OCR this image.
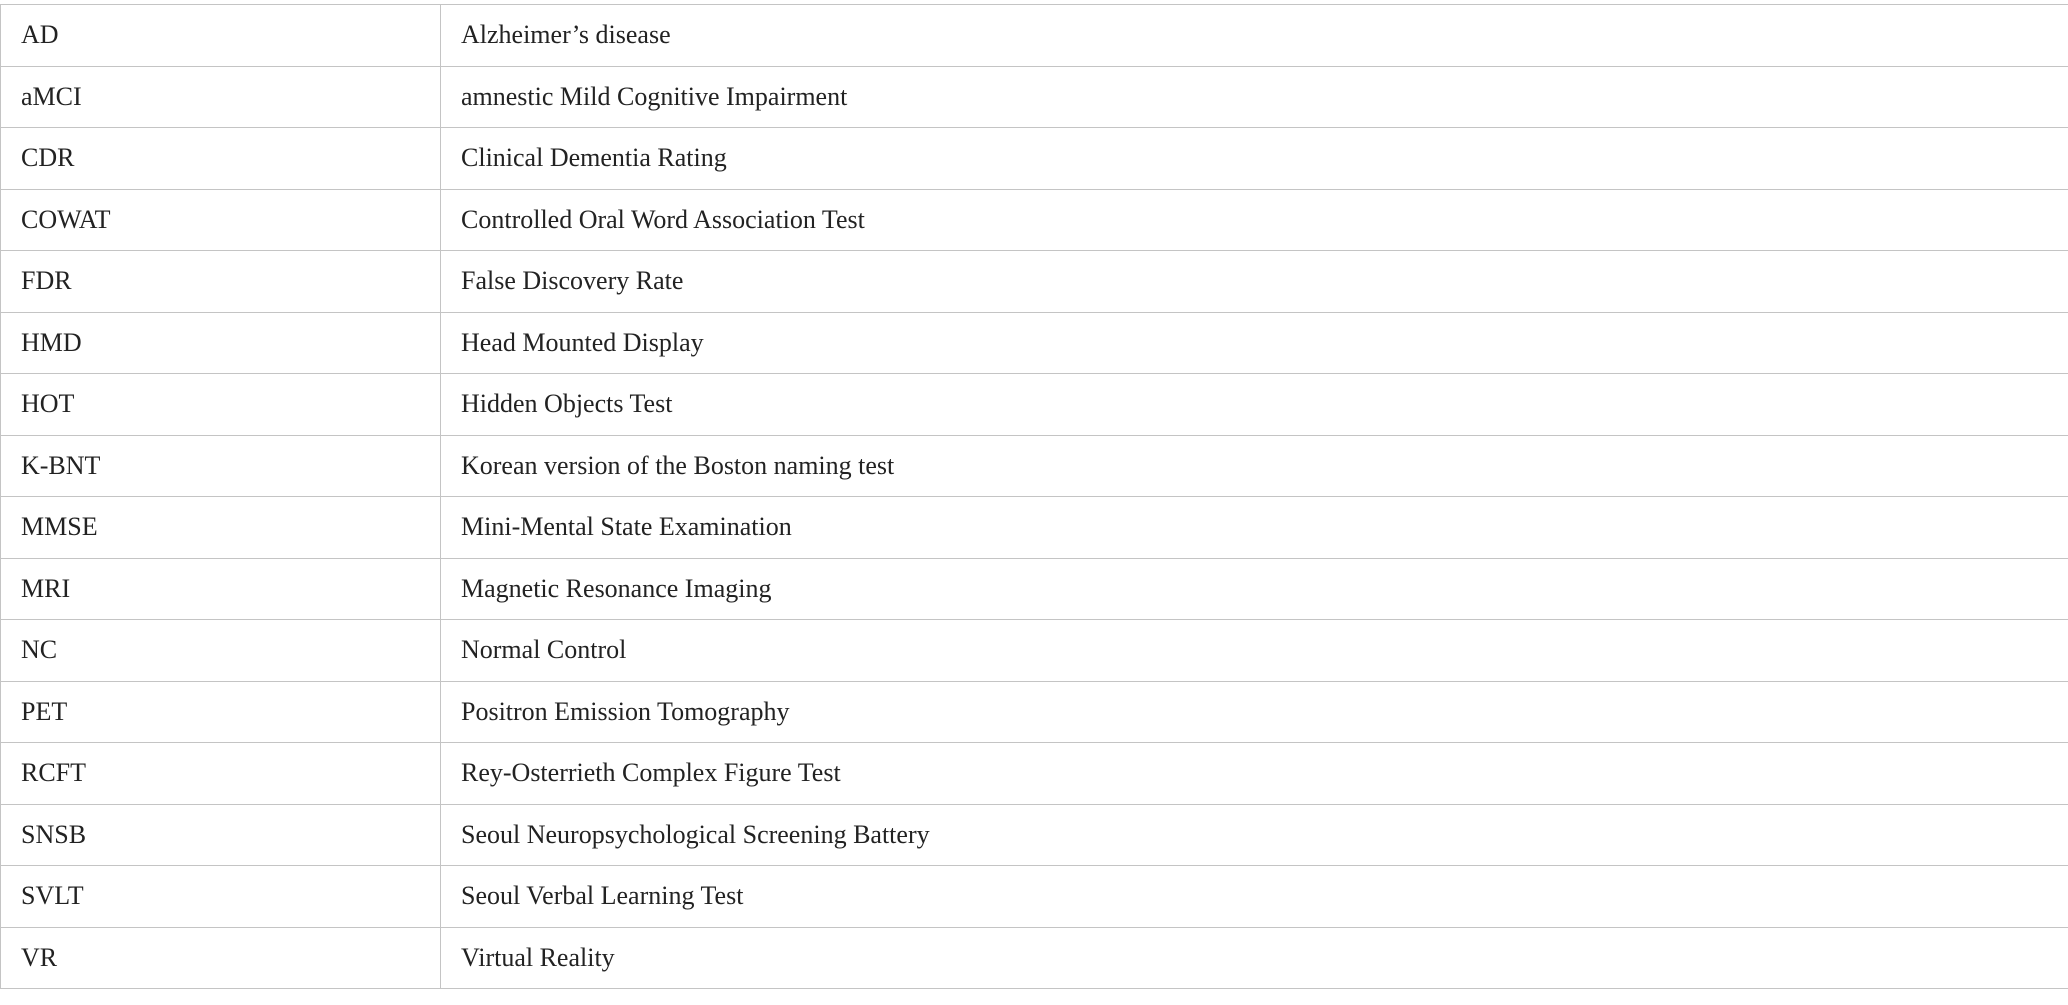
AD	Alzheimer’s disease
aMCI	amnestic Mild Cognitive Impairment
CDR	Clinical Dementia Rating
COWAT	Controlled Oral Word Association Test
FDR	False Discovery Rate
HMD	Head Mounted Display
HOT	Hidden Objects Test
K-BNT	Korean version of the Boston naming test
MMSE	Mini-Mental State Examination
MRI	Magnetic Resonance Imaging
NC	Normal Control
PET	Positron Emission Tomography
RCFT	Rey-Osterrieth Complex Figure Test
SNSB	Seoul Neuropsychological Screening Battery
SVLT	Seoul Verbal Learning Test
VR	Virtual Reality
